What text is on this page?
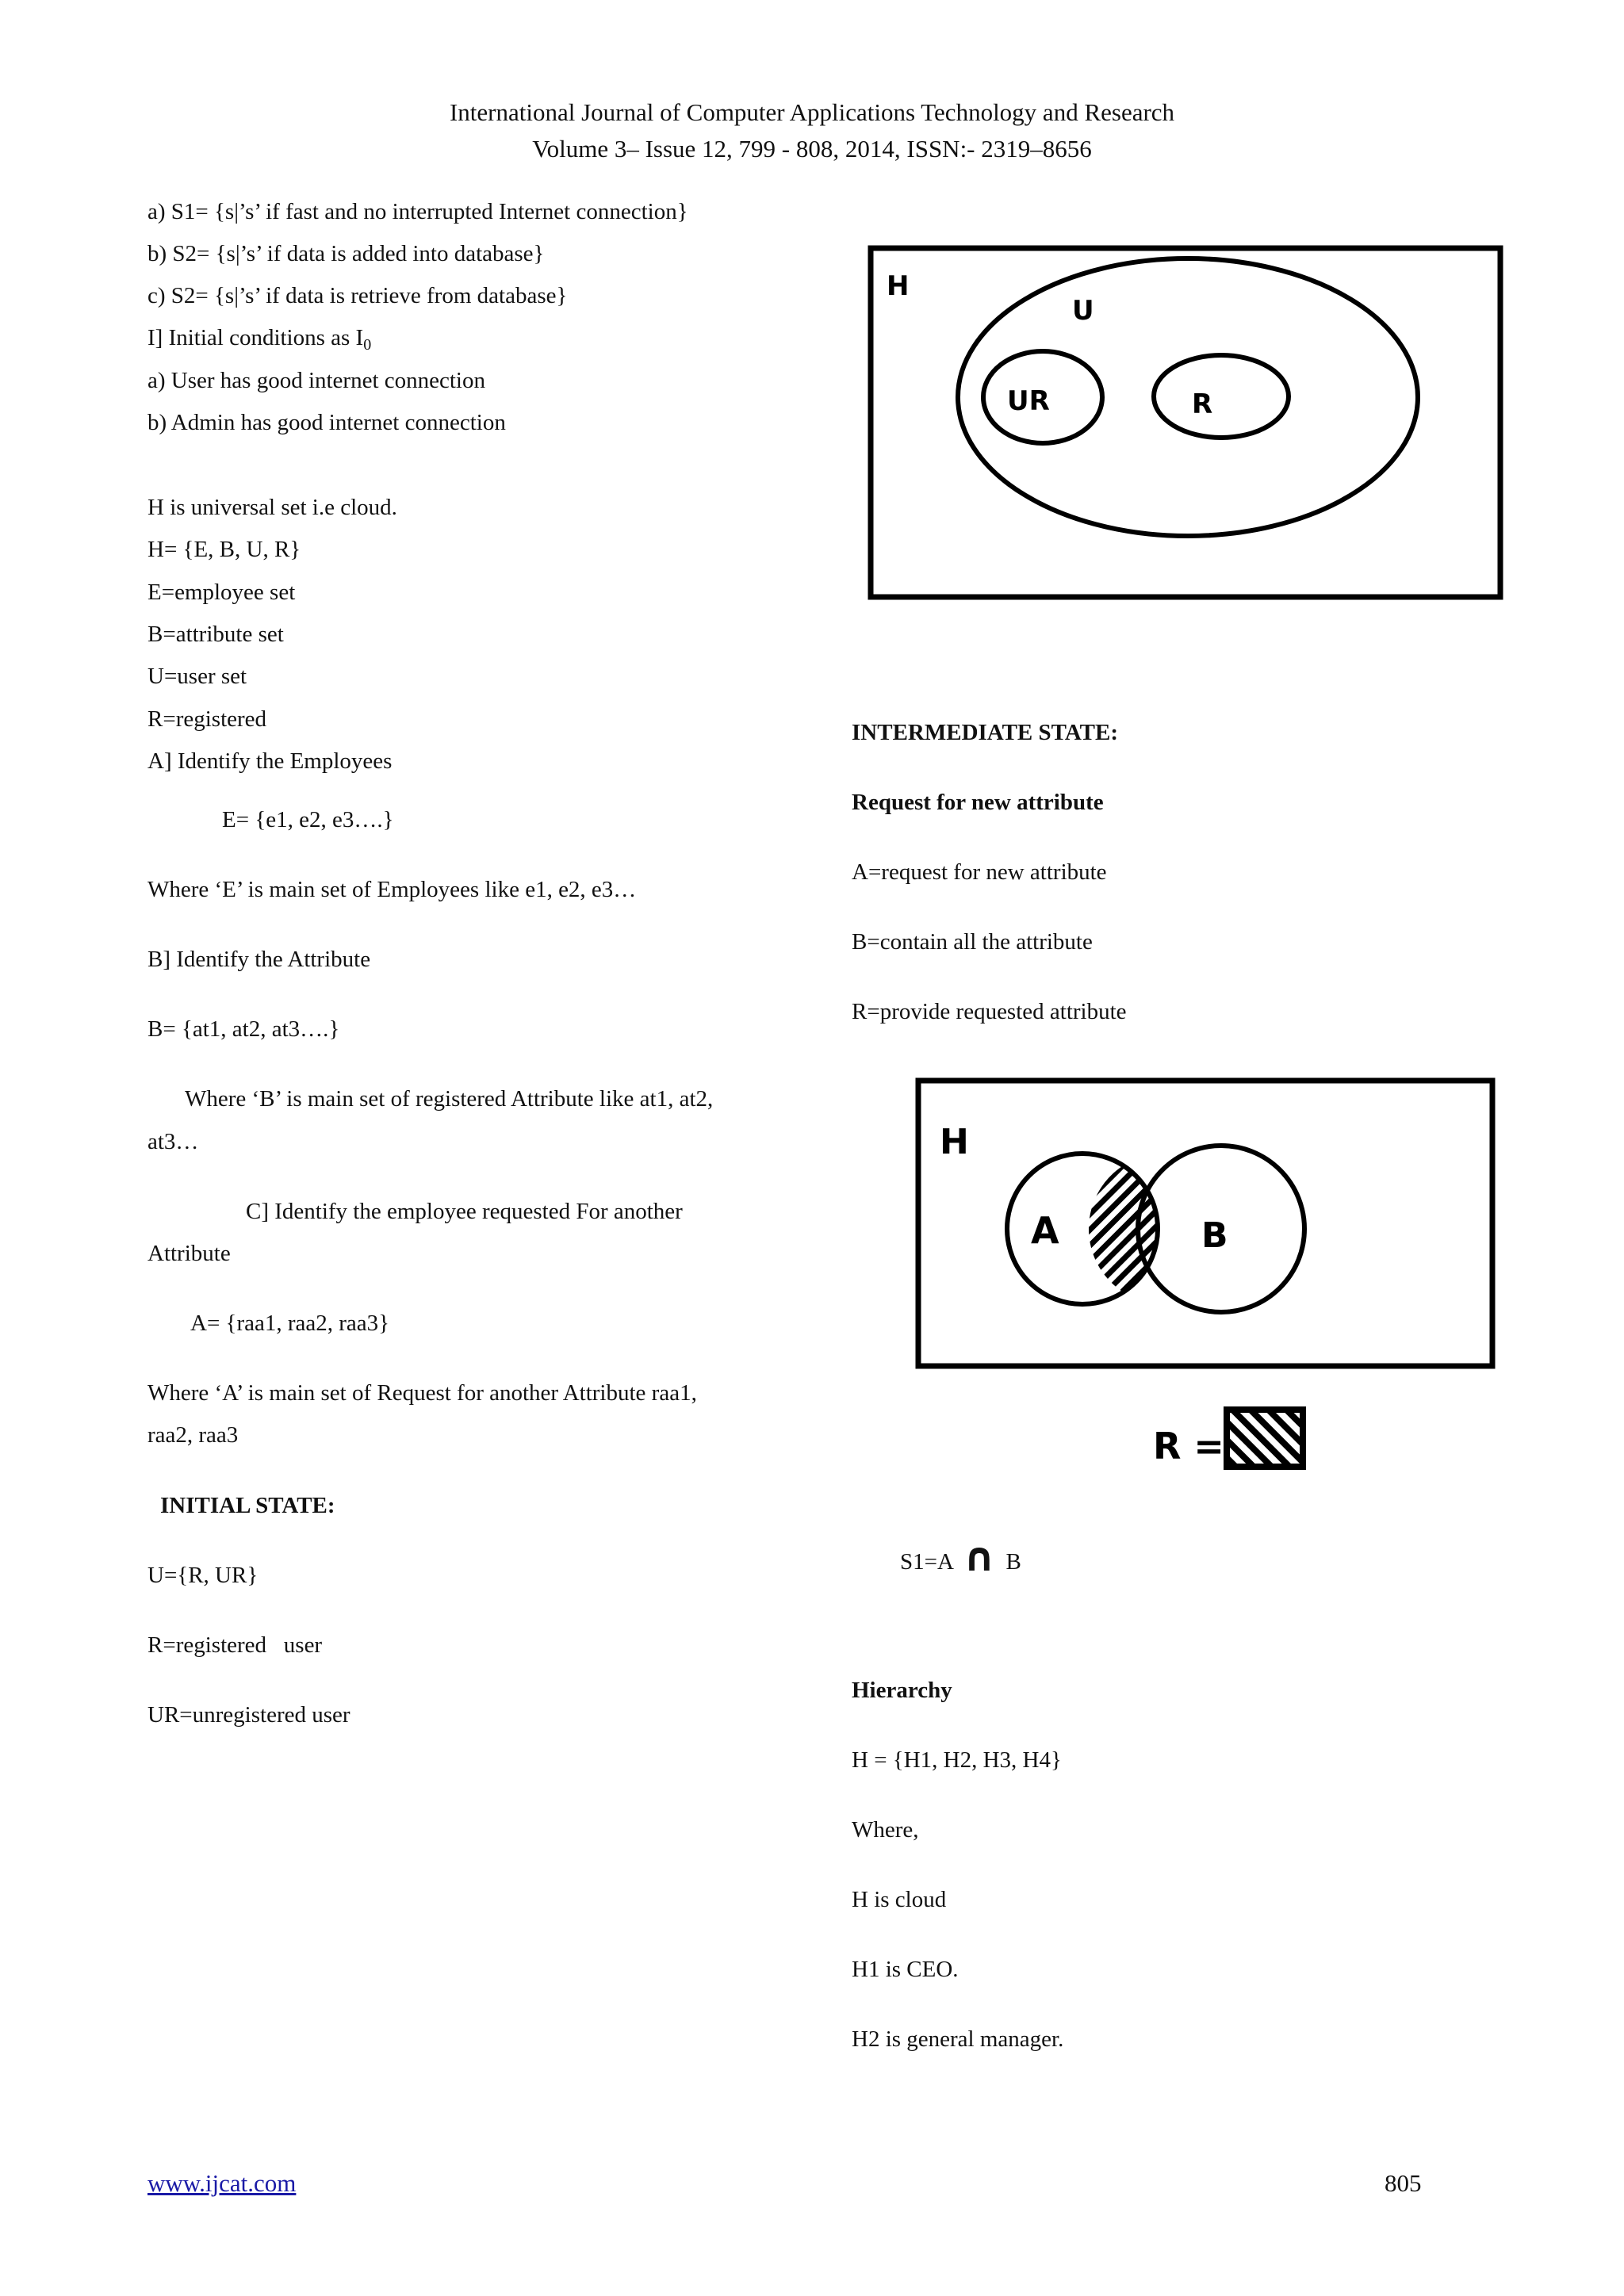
International Journal of Computer Applications Technology and Research
Volume 3– Issue 12, 799 - 808, 2014, ISSN:- 2319–8656
a) S1= {s|’s’ if fast and no interrupted Internet connection}
b) S2= {s|’s’ if data is added into database}
c) S2= {s|’s’ if data is retrieve from database}
I] Initial conditions as $I_0$
a) User has good internet connection
b) Admin has good internet connection
H is universal set i.e cloud.
H= {E, B, U, R}
E=employee set
B=attribute set
U=user set
R=registered
A] Identify the Employees
E= {e1, e2, e3….}
Where ‘E’ is main set of Employees like e1, e2, e3…
B] Identify the Attribute
B= {at1, at2, at3….}
Where ‘B’ is main set of registered Attribute like at1, at2,
at3…
C] Identify the employee requested For another
Attribute
A= {raa1, raa2, raa3}
Where ‘A’ is main set of Request for another Attribute raa1,
raa2, raa3
INITIAL STATE:
U={R, UR}
R=registered   user
UR=unregistered user
H
U
UR	R
INTERMEDIATE STATE:
Request for new attribute
A=request for new attribute
B=contain all the attribute
R=provide requested attribute
H
A	B
R =
S1=A ∩ B
Hierarchy
H = {H1, H2, H3, H4}
Where,
H is cloud
H1 is CEO.
H2 is general manager.
www.ijcat.com	805
